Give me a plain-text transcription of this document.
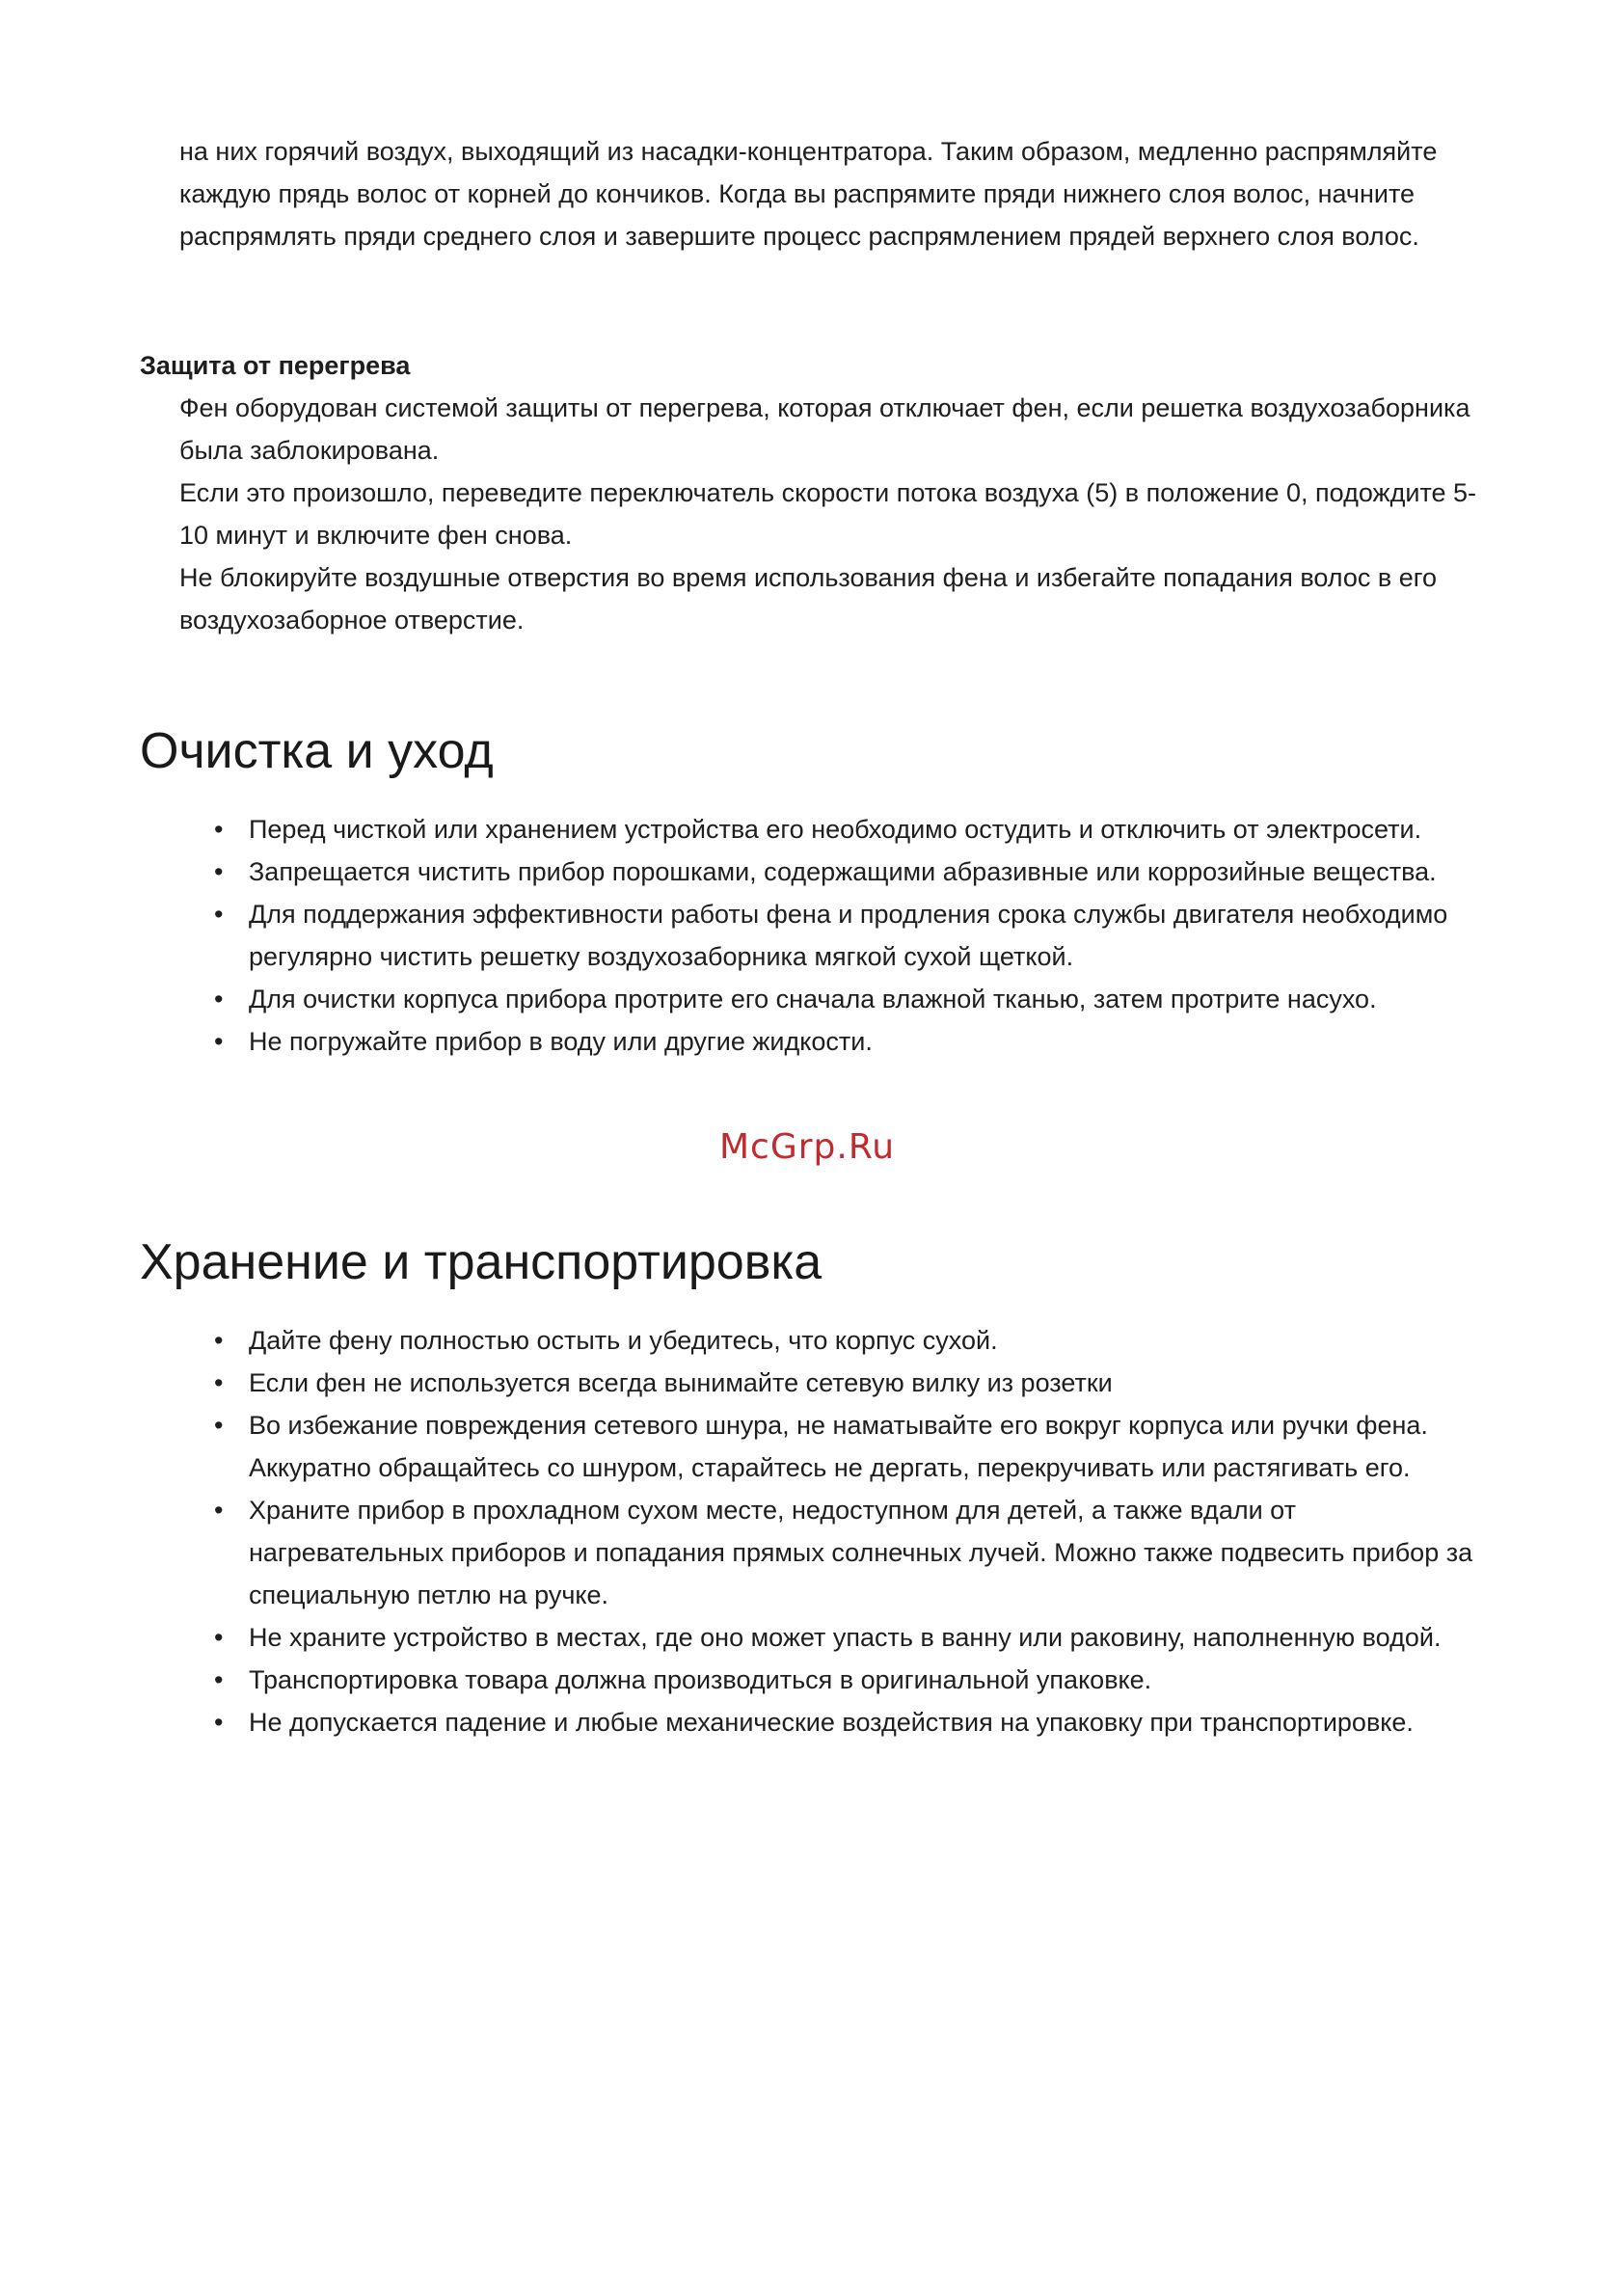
на них горячий воздух, выходящий из насадки-концентратора. Таким образом, медленно распрямляйте каждую прядь волос от корней до кончиков. Когда вы распрямите пряди нижнего слоя волос, начните распрямлять пряди среднего слоя и завершите процесс распрямлением прядей верхнего слоя волос.

Защита от перегрева

Фен оборудован системой защиты от перегрева, которая отключает фен, если решетка воздухозаборника была заблокирована.

Если это произошло, переведите переключатель скорости потока воздуха (5) в положение 0, подождите 5-10 минут и включите фен снова.

Не блокируйте воздушные отверстия во время использования фена и избегайте попадания волос в его воздухозаборное отверстие.

Очистка и уход
• Перед чисткой или хранением устройства его необходимо остудить и отключить от электросети.
• Запрещается чистить прибор порошками, содержащими абразивные или коррозийные вещества.
• Для поддержания эффективности работы фена и продления срока службы двигателя необходимо регулярно чистить решетку воздухозаборника мягкой сухой щеткой.
• Для очистки корпуса прибора протрите его сначала влажной тканью, затем протрите насухо.
• Не погружайте прибор в воду или другие жидкости.
McGrp.Ru
Хранение и транспортировка
• Дайте фену полностью остыть и убедитесь, что корпус сухой.
• Если фен не используется всегда вынимайте сетевую вилку из розетки
• Во избежание повреждения сетевого шнура, не наматывайте его вокруг корпуса или ручки фена. Аккуратно обращайтесь со шнуром, старайтесь не дергать, перекручивать или растягивать его.
• Храните прибор в прохладном сухом месте, недоступном для детей, а также вдали от нагревательных приборов и попадания прямых солнечных лучей. Можно также подвесить прибор за специальную петлю на ручке.
• Не храните устройство в местах, где оно может упасть в ванну или раковину, наполненную водой.
• Транспортировка товара должна производиться в оригинальной упаковке.
• Не допускается падение и любые механические воздействия на упаковку при транспортировке.
